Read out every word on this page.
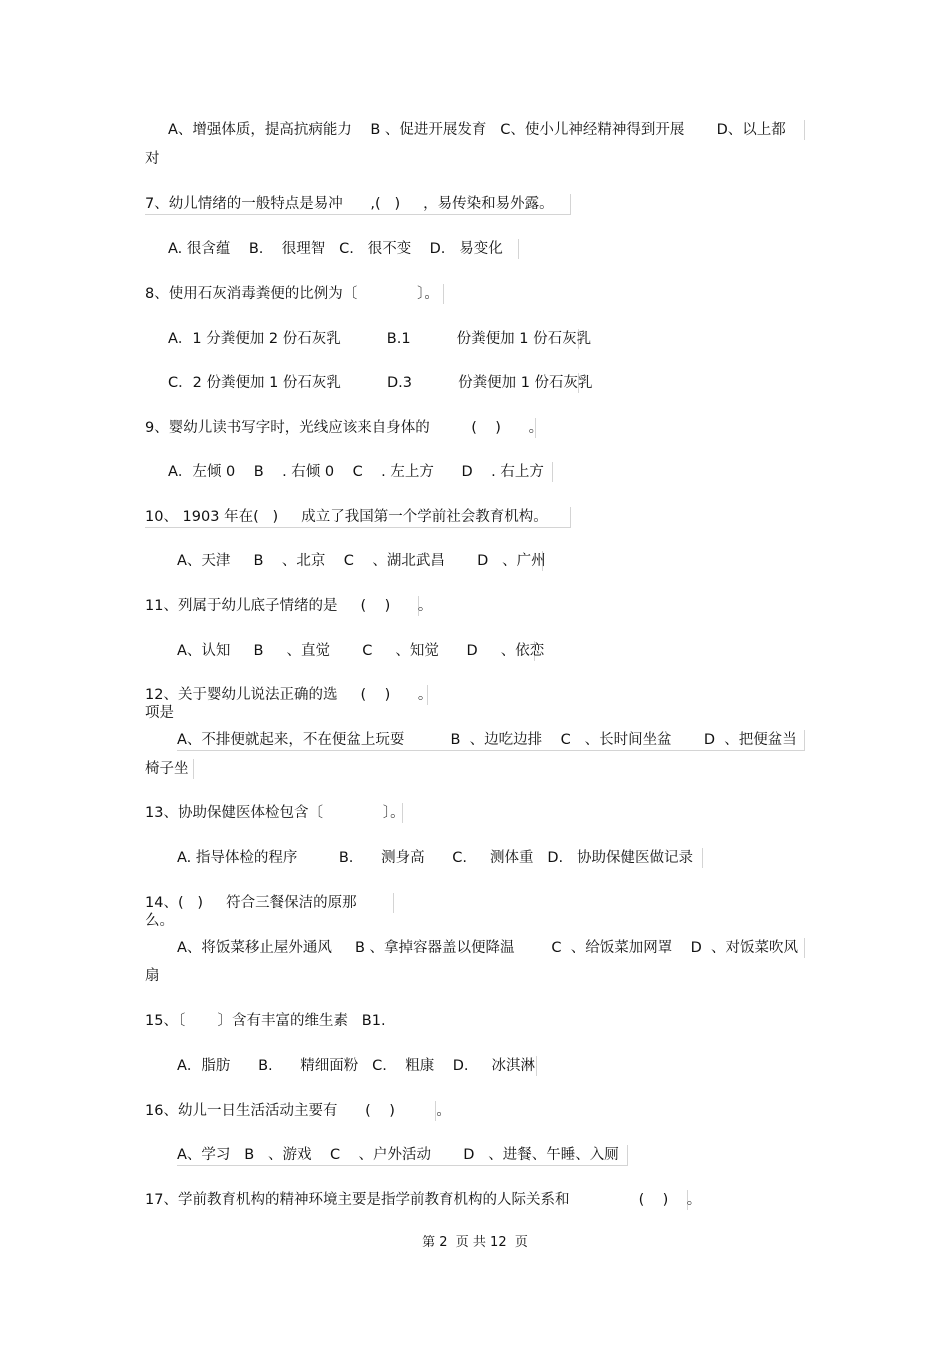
A、增强体质，提高抗病能力    B 、促进开展发育   C、使小儿神经精神得到开展       D、以上都
对
7、幼儿情绪的一般特点是易冲      ,(   )     ，易传染和易外露。
A. 很含蕴    B.    很理智   C.   很不变    D.   易变化
8、使用石灰消毒粪便的比例为〔             〕。
A．1 分粪便加 2 份石灰乳          B.1          份粪便加 1 份石灰乳
C．2 份粪便加 1 份石灰乳          D.3          份粪便加 1 份石灰乳
9、婴幼儿读书写字时，光线应该来自身体的         (    )      。
A．左倾 0    B    . 右倾 0    C    . 左上方      D    . 右上方
10、 1903 年在(   )     成立了我国第一个学前社会教育机构。
A、天津     B    、北京    C    、湖北武昌       D   、广州
11、列属于幼儿底子情绪的是     (    )      。
A、认知     B     、直觉       C     、知觉      D     、依恋
12、关于婴幼儿说法正确的选     (    )      。
项是
A、不排便就起来，不在便盆上玩耍          B  、边吃边排    C   、长时间坐盆       D  、把便盆当
椅子坐
13、协助保健医体检包含〔             〕。
A. 指导体检的程序         B.      测身高      C.     测体重   D.   协助保健医做记录
14、(   )     符合三餐保洁的原那
么。
A、将饭菜移止屋外通风     B 、拿掉容器盖以便降温        C  、给饭菜加网罩    D  、对饭菜吹风
扇
15、〔       〕含有丰富的维生素   B1.
A．脂肪      B.      精细面粉   C.    粗康    D.     冰淇淋
16、幼儿一日生活活动主要有      (    )         。
A、学习   B   、游戏    C    、户外活动       D   、进餐、午睡、入厕
17、学前教育机构的精神环境主要是指学前教育机构的人际关系和               (    )    。
第 2  页 共 12  页
